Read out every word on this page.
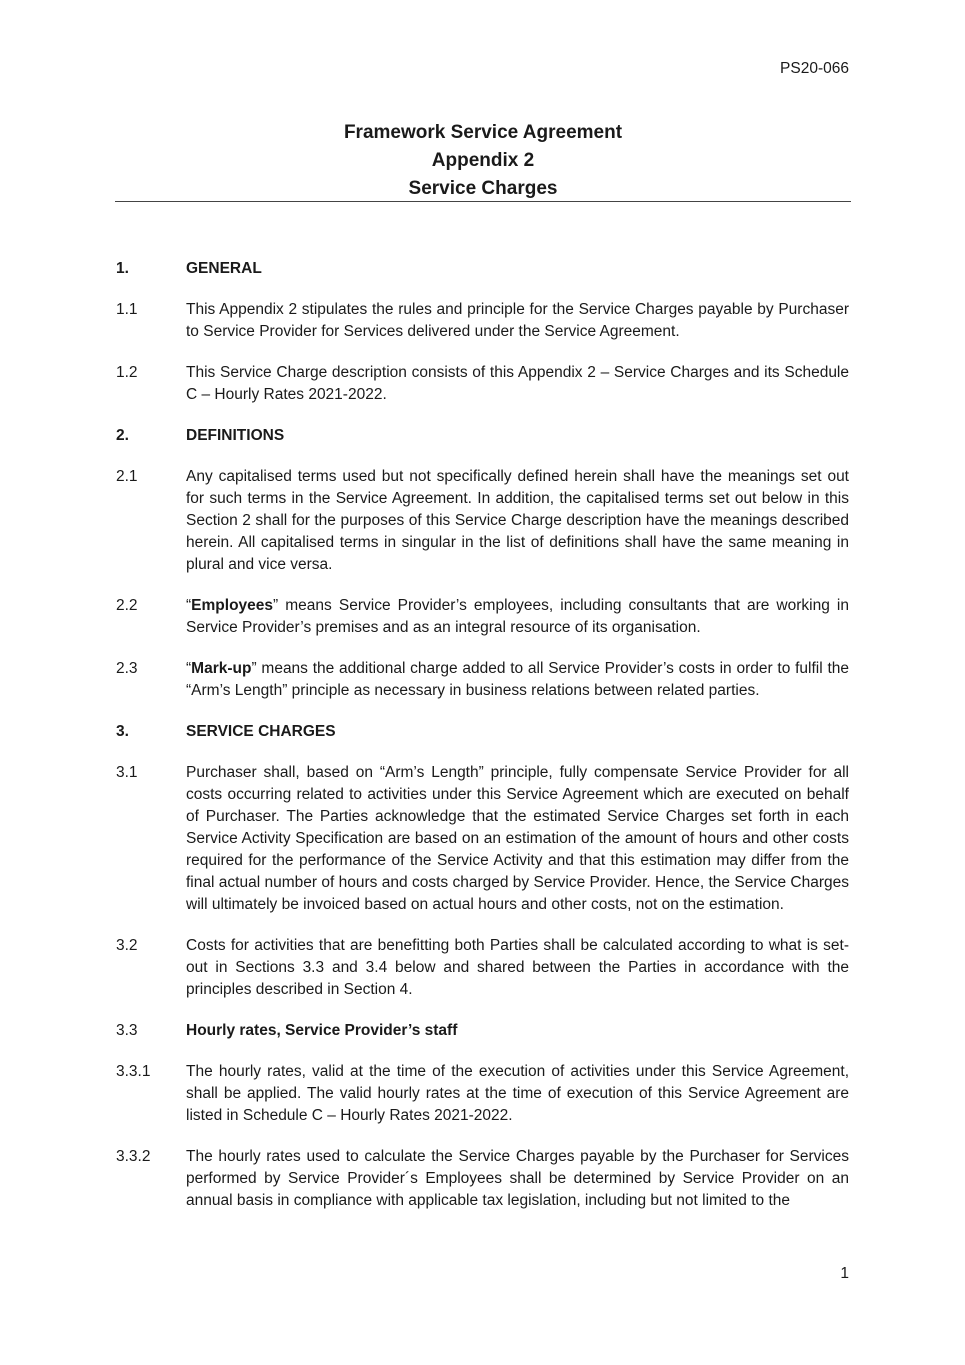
PS20-066
Framework Service Agreement
Appendix 2
Service Charges
1.	GENERAL
1.1	This Appendix 2 stipulates the rules and principle for the Service Charges payable by Purchaser to Service Provider for Services delivered under the Service Agreement.
1.2	This Service Charge description consists of this Appendix 2 – Service Charges and its Schedule C – Hourly Rates 2021-2022.
2.	DEFINITIONS
2.1	Any capitalised terms used but not specifically defined herein shall have the meanings set out for such terms in the Service Agreement. In addition, the capitalised terms set out below in this Section 2 shall for the purposes of this Service Charge description have the meanings described herein. All capitalised terms in singular in the list of definitions shall have the same meaning in plural and vice versa.
2.2	“Employees” means Service Provider’s employees, including consultants that are working in Service Provider’s premises and as an integral resource of its organisation.
2.3	“Mark-up” means the additional charge added to all Service Provider’s costs in order to fulfil the “Arm’s Length” principle as necessary in business relations between related parties.
3.	SERVICE CHARGES
3.1	Purchaser shall, based on “Arm’s Length” principle, fully compensate Service Provider for all costs occurring related to activities under this Service Agreement which are executed on behalf of Purchaser. The Parties acknowledge that the estimated Service Charges set forth in each Service Activity Specification are based on an estimation of the amount of hours and other costs required for the performance of the Service Activity and that this estimation may differ from the final actual number of hours and costs charged by Service Provider. Hence, the Service Charges will ultimately be invoiced based on actual hours and other costs, not on the estimation.
3.2	Costs for activities that are benefitting both Parties shall be calculated according to what is set-out in Sections 3.3 and 3.4 below and shared between the Parties in accordance with the principles described in Section 4.
3.3	Hourly rates, Service Provider’s staff
3.3.1	The hourly rates, valid at the time of the execution of activities under this Service Agreement, shall be applied. The valid hourly rates at the time of execution of this Service Agreement are listed in Schedule C – Hourly Rates 2021-2022.
3.3.2	The hourly rates used to calculate the Service Charges payable by the Purchaser for Services performed by Service Provider´s Employees shall be determined by Service Provider on an annual basis in compliance with applicable tax legislation, including but not limited to the
1
